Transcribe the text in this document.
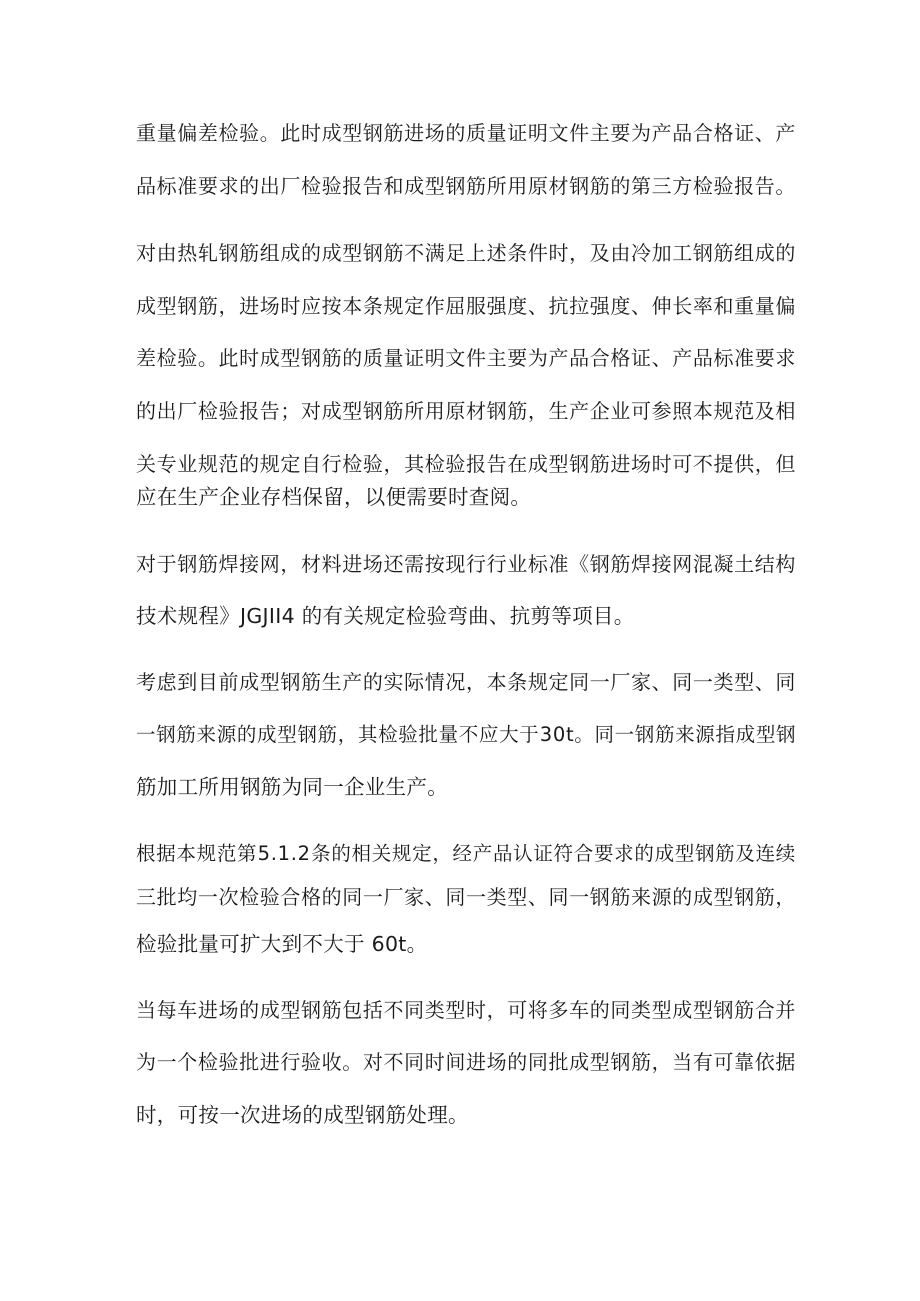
重 量 偏 差 检 验 。 此 时 成 型 钢 筋 进 场 的 质 量 证 明 文 件 主 要 为 产 品 合 格 证 、 产
品 标 准 要 求 的 出 厂 检 验 报 告 和 成 型 钢 筋 所 用 原 材 钢 筋 的 第 三 方 检 验 报 告 。
对 由 热 轧 钢 筋 组 成 的 成 型 钢 筋 不 满 足 上 述 条 件 时 ， 及 由 冷 加 工 钢 筋 组 成 的
成 型 钢 筋 ， 进 场 时 应 按 本 条 规 定 作 屈 服 强 度 、 抗 拉 强 度 、 伸 长 率 和 重 量 偏
差 检 验 。 此 时 成 型 钢 筋 的 质 量 证 明 文 件 主 要 为 产 品 合 格 证 、 产 品 标 准 要 求
的 出 厂 检 验 报 告 ； 对 成 型 钢 筋 所 用 原 材 钢 筋 ， 生 产 企 业 可 参 照 本 规 范 及 相
关 专 业 规 范 的 规 定 自 行 检 验 ， 其 检 验 报 告 在 成 型 钢 筋 进 场 时 可 不 提 供 ， 但
应在生产企业存档保留，以便需要时查阅。
对 于 钢 筋 焊 接 网 ， 材 料 进 场 还 需 按 现 行 行 业 标 准 《 钢 筋 焊 接 网 混 凝 土 结 构
技术规程》JGJII4 的有关规定检验弯曲、抗剪等项目。
考 虑 到 目 前 成 型 钢 筋 生 产 的 实 际 情 况 ， 本 条 规 定 同 一 厂 家 、 同 一 类 型 、 同
一 钢 筋 来 源 的 成 型 钢 筋 ， 其 检 验 批 量 不 应 大 于 3 0 t 。 同 一 钢 筋 来 源 指 成 型 钢
筋加工所用钢筋为同一企业生产。
根 据 本 规 范 第 5 . 1 . 2 条 的 相 关 规 定 ， 经 产 品 认 证 符 合 要 求 的 成 型 钢 筋 及 连 续
三 批 均 一 次 检 验 合 格 的 同 一 厂 家 、 同 一 类 型 、 同 一 钢 筋 来 源 的 成 型 钢 筋 ，
检验批量可扩大到不大于 60t。
当 每 车 进 场 的 成 型 钢 筋 包 括 不 同 类 型 时 ， 可 将 多 车 的 同 类 型 成 型 钢 筋 合 并
为 一 个 检 验 批 进 行 验 收 。 对 不 同 时 间 进 场 的 同 批 成 型 钢 筋 ， 当 有 可 靠 依 据
时，可按一次进场的成型钢筋处理。
